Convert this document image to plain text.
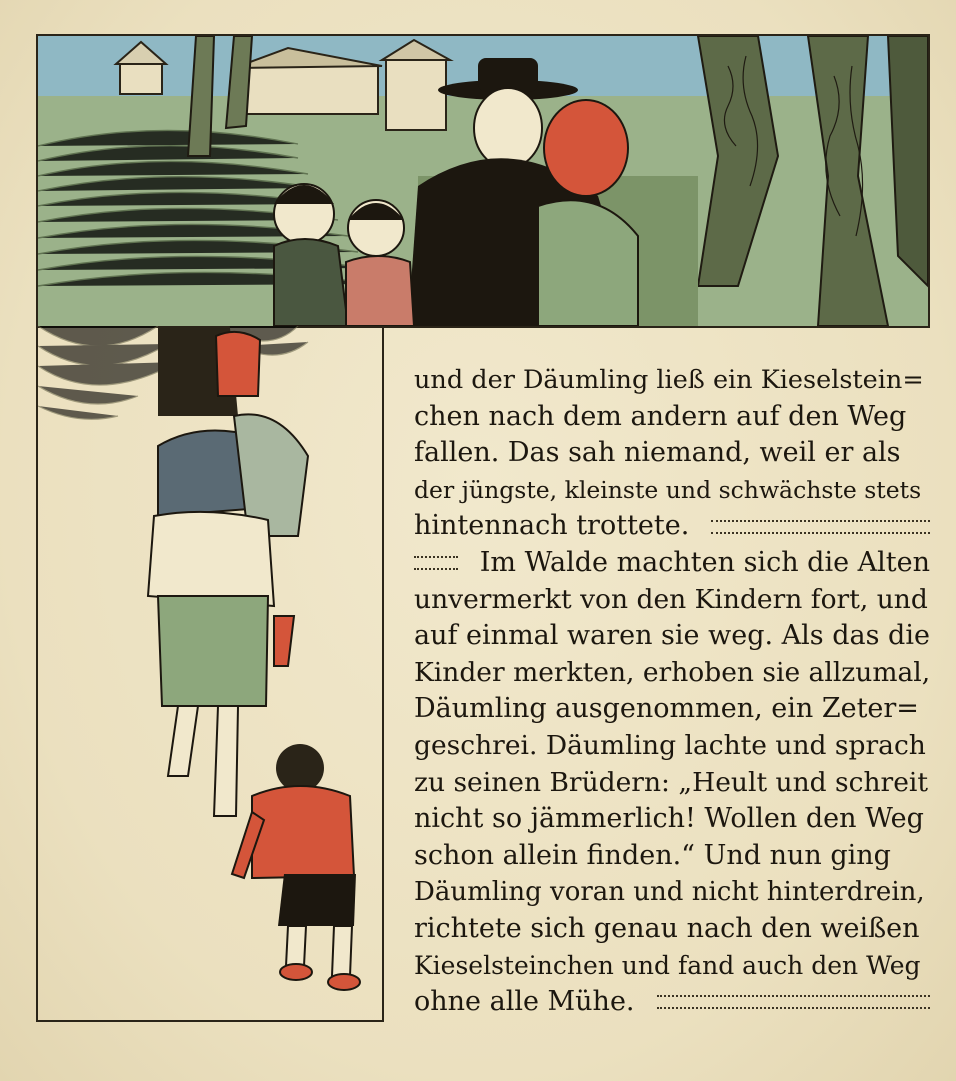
und der Däumling ließ ein Kieselstein=
chen nach dem andern auf den Weg
fallen. Das sah niemand, weil er als
der jüngste, kleinste und schwächste stets
hintennach trottete.
Im Walde machten sich die Alten
unvermerkt von den Kindern fort, und
auf einmal waren sie weg. Als das die
Kinder merkten, erhoben sie allzumal,
Däumling ausgenommen, ein Zeter=
geschrei. Däumling lachte und sprach
zu seinen Brüdern: „Heult und schreit
nicht so jämmerlich! Wollen den Weg
schon allein finden.“ Und nun ging
Däumling voran und nicht hinterdrein,
richtete sich genau nach den weißen
Kieselsteinchen und fand auch den Weg
ohne alle Mühe.
